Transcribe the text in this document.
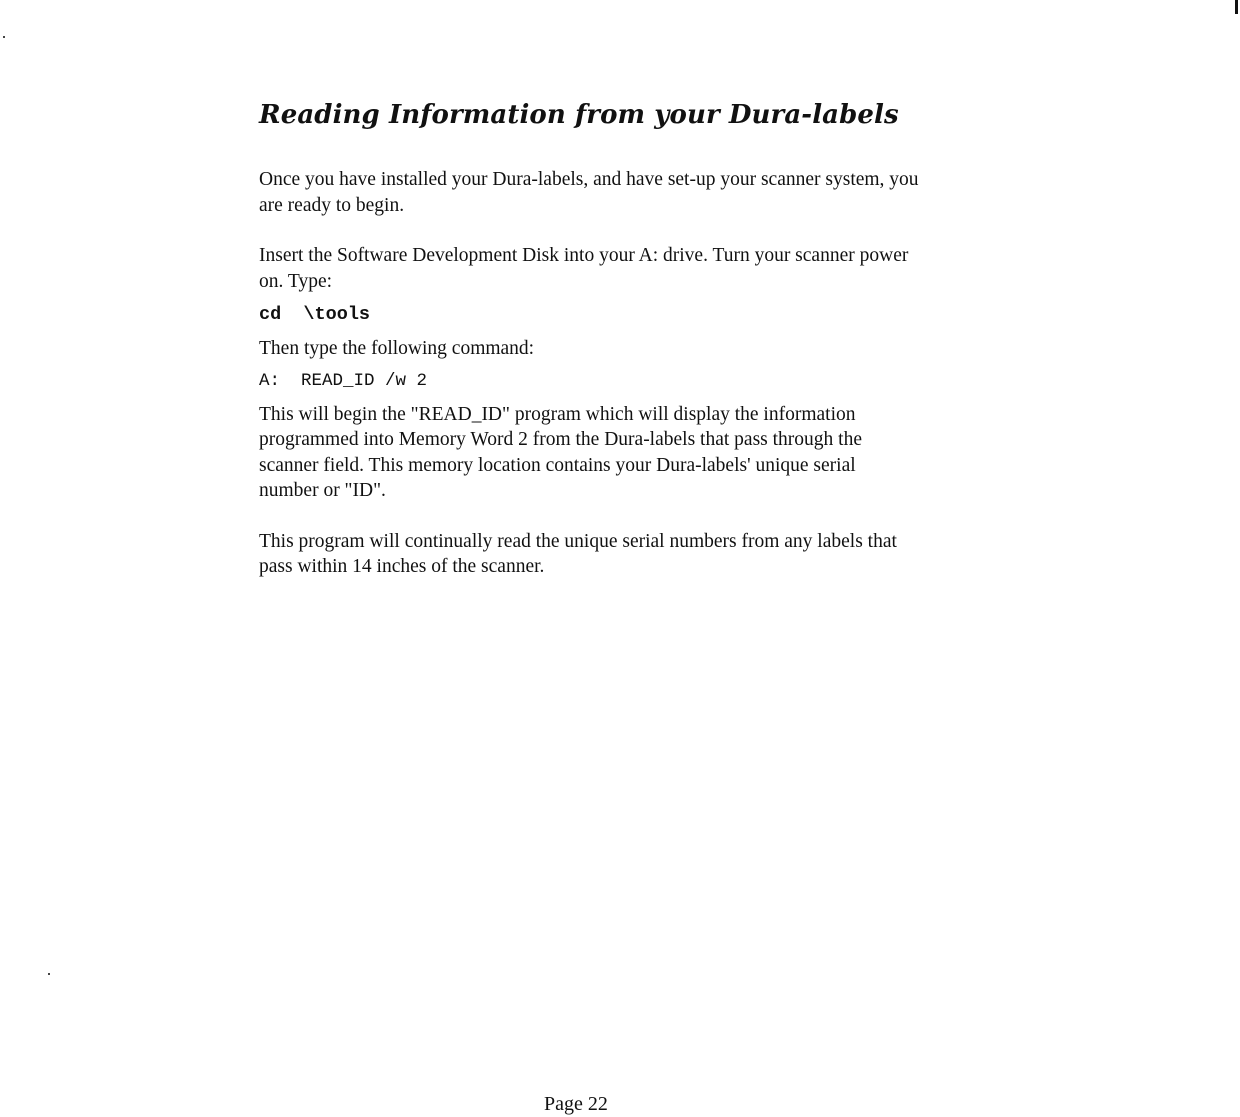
Reading Information from your Dura-labels

Once you have installed your Dura-labels, and have set-up your scanner system, you are ready to begin.

Insert the Software Development Disk into your A: drive. Turn your scanner power on. Type:

cd  \tools

Then type the following command:

A:  READ_ID /w 2

This will begin the "READ_ID" program which will display the information programmed into Memory Word 2 from the Dura-labels that pass through the scanner field. This memory location contains your Dura-labels' unique serial number or "ID".

This program will continually read the unique serial numbers from any labels that pass within 14 inches of the scanner.

Page 22
